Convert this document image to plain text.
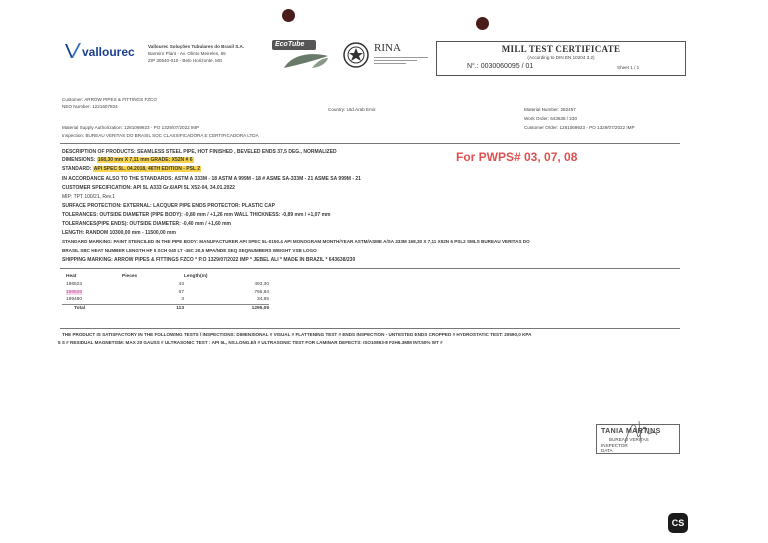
vallourec	Vallourec Soluções Tubulares do Brasil S.A.
Barreiro Plant - Av. Olinto Meireles, 65
ZIP 30640-010 - Belo Horizonte, MG
EcoTube	RINA	MILL TEST CERTIFICATE
(According to DIN EN 10204 3.2)
N°.: 0030060095 / 01	Sheet 1 / 1
Customer: ARROW PIPES & FITTINGS FZCO
NEO Number: 1221607834
Country: Utd.Arab Emir.	Material Number: 282457
Work Order: 643638 / 230
Customer Order: 1281069923 - PO 1329/07/2022 IMP
Material Supply Authorization: 1281069923 - PO 1329/07/2022 IMP
Inspection: BUREAU VERITAS DO BRASIL SOC CLASSIFICADORA E CERTIFICADORA LTDA
For PWPS# 03, 07, 08
DESCRIPTION OF PRODUCTS: SEAMLESS STEEL PIPE, HOT FINISHED , BEVELED ENDS 37,5 DEG., NORMALIZED
DIMENSIONS: 168,30 mm X 7,11 mm GRADE: X52N # 6
STANDARD: API SPEC 5L, 04.2018, 46TH EDITION - PSL 2
IN ACCORDANCE ALSO TO THE STANDARDS: ASTM A 333M - 18 ASTM A 999M - 18 # ASME SA-333M - 21 ASME SA 999M - 21
CUSTOMER SPECIFICATION: API 5L A333 Gr.6/API 5L X52-04, 34.01.2022
MIP: TPT 100/21, Rev.1
SURFACE PROTECTION: EXTERNAL: LACQUER PIPE ENDS PROTECTOR: PLASTIC CAP
TOLERANCES: OUTSIDE DIAMETER (PIPE BODY): -0,80 mm / +1,26 mm WALL THICKNESS: -0,89 mm / +1,07 mm
TOLERANCES(PIPE ENDS): OUTSIDE DIAMETER: -0,40 mm / +1,60 mm
LENGTH: RANDOM 10300,00 mm - 11500,00 mm
STANDARD MARKING: PAINT STENCILED IN THE PIPE BODY: MANUFACTURER API SPEC 5L-0150.4 API MONOGRAM MONTH/YEAR ASTM/ASME A/SA 333M 168,30 X 7,11 X52N 6 PSL2 SMLS BUREAU VERITAS DO
BRASIL SBC HEAT NUMBER LENGTH HF 5 SCH 040 LT -45C 20,5 MPA/NDE SEQ SEQNUMBERS WEIGHT VSB LOGO
SHIPPING MARKING: ARROW PIPES & FITTINGS FZCO * P.O 1329/07/2022 IMP * JEBEL ALI * MADE IN BRAZIL * 643638/230
Heat	Pieces	Length(m)
198523	43	493,30
198526	67	766,84
199480	3	34,95
Total	113	1295,09
THE PRODUCT IS SATISFACTORY IN THE FOLLOWING TESTS / INSPECTIONS: DIMENSIONAL # VISUAL # FLATTENING TEST # ENDS INSPECTION - UNTESTED ENDS CROPPED # HYDROSTATIC TEST: 20590,0 KPA
5 S # RESIDUAL MAGNETISM: MAX 20 GAUSS # ULTRASONIC TEST : API 5L, NS.LONG.E/I # ULTRASONIC TEST FOR LAMINAR DEFECTS: ISO10893-8 F2H6.3MM INT.50% WT #
TANIA MARTINS
BUREAU VERITAS
INSPECTOR
DATA
CS
